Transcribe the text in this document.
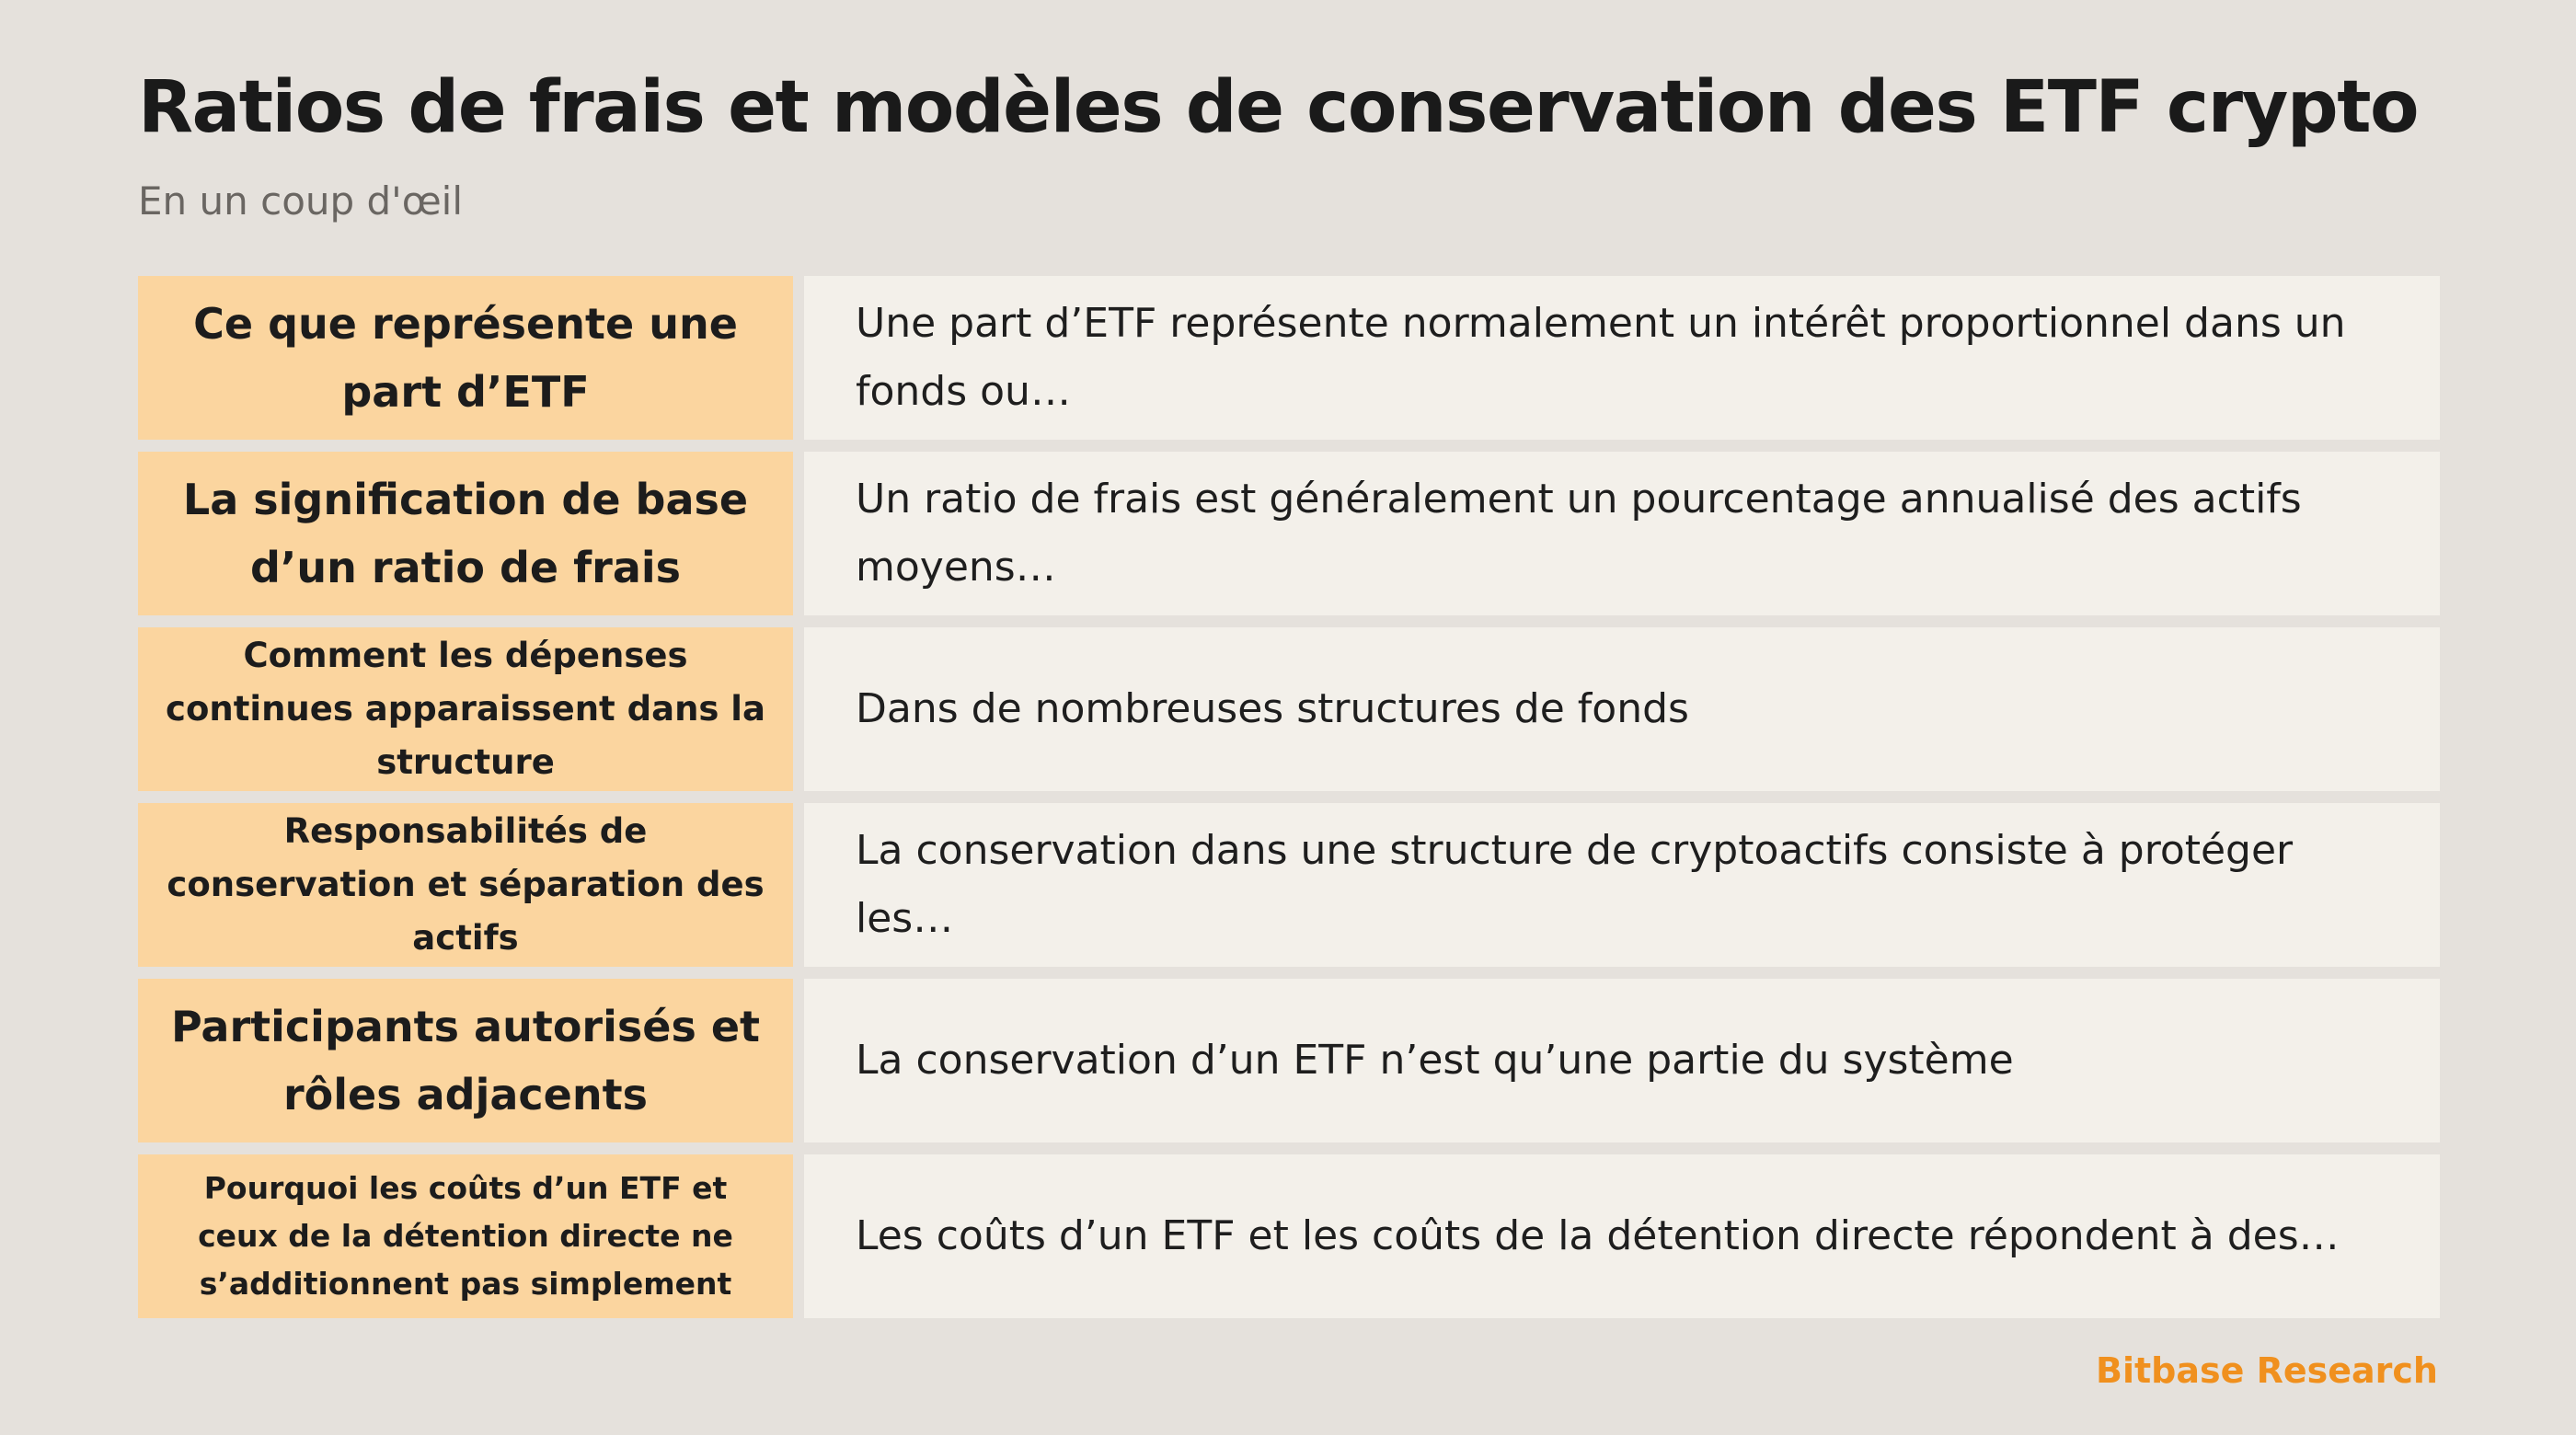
Ratios de frais et modèles de conservation des ETF crypto

En un coup d'œil

Ce que représente une part d’ETF
Une part d’ETF représente normalement un intérêt proportionnel dans un fonds ou…
La signification de base d’un ratio de frais
Un ratio de frais est généralement un pourcentage annualisé des actifs moyens…
Comment les dépenses continues apparaissent dans la structure
Dans de nombreuses structures de fonds
Responsabilités de conservation et séparation des actifs
La conservation dans une structure de cryptoactifs consiste à protéger les…
Participants autorisés et rôles adjacents
La conservation d’un ETF n’est qu’une partie du système
Pourquoi les coûts d’un ETF et ceux de la détention directe ne s’additionnent pas simplement
Les coûts d’un ETF et les coûts de la détention directe répondent à des…

Bitbase Research
